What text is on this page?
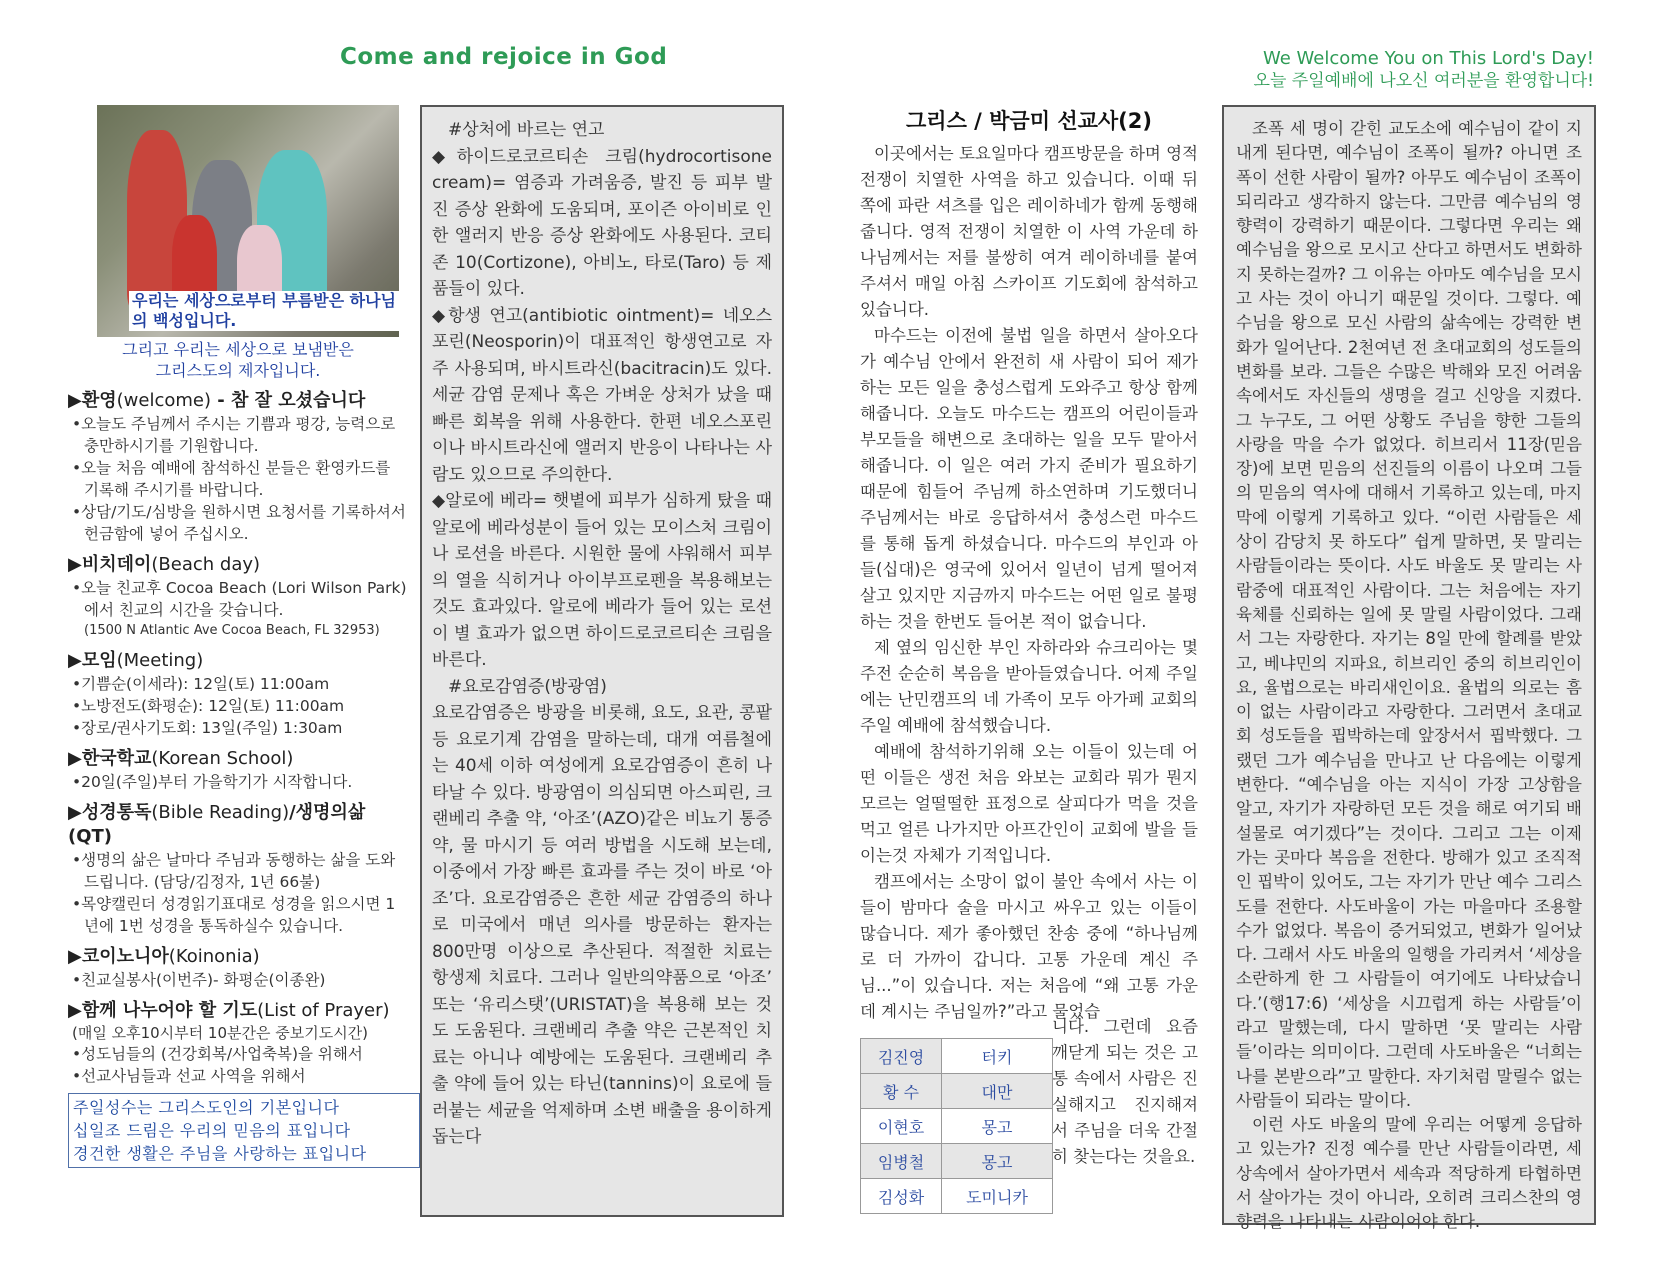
Come and rejoice in God	We Welcome You on This Lord's Day!
오늘 주일예배에 나오신 여러분을 환영합니다!
우리는 세상으로부터 부름받은 하나님의 백성입니다.
그리고 우리는 세상으로 보냄받은
그리스도의 제자입니다.
▶환영(welcome) - 참 잘 오셨습니다
•오늘도 주님께서 주시는 기쁨과 평강, 능력으로 충만하시기를 기원합니다.
•오늘 처음 예배에 참석하신 분들은 환영카드를 기록해 주시기를 바랍니다.
•상담/기도/심방을 원하시면 요청서를 기록하셔서 헌금함에 넣어 주십시오.
▶비치데이(Beach day)
•오늘 친교후 Cocoa Beach (Lori Wilson Park)에서 친교의 시간을 갖습니다.
(1500 N Atlantic Ave Cocoa Beach, FL 32953)
▶모임(Meeting)
•기쁨순(이세라): 12일(토) 11:00am
•노방전도(화평순): 12일(토) 11:00am
•장로/권사기도회: 13일(주일) 1:30am
▶한국학교(Korean School)
•20일(주일)부터 가을학기가 시작합니다.
▶성경통독(Bible Reading)/생명의삶(QT)
•생명의 삶은 날마다 주님과 동행하는 삶을 도와드립니다. (담당/김정자, 1년 66불)
•목양캘린더 성경읽기표대로 성경을 읽으시면 1년에 1번 성경을 통독하실수 있습니다.
▶코이노니아(Koinonia)
•친교실봉사(이번주)- 화평순(이종완)
▶함께 나누어야 할 기도(List of Prayer)
(매일 오후10시부터 10분간은 중보기도시간)
•성도님들의 (건강회복/사업축복)을 위해서
•선교사님들과 선교 사역을 위해서
주일성수는 그리스도인의 기본입니다
십일조 드림은 우리의 믿음의 표입니다
경건한 생활은 주님을 사랑하는 표입니다

#상처에 바르는 연고

◆하이드로코르티손 크림(hydrocortisone cream)= 염증과 가려움증, 발진 등 피부 발진 증상 완화에 도움되며, 포이즌 아이비로 인한 앨러지 반응 증상 완화에도 사용된다. 코티존 10(Cortizone), 아비노, 타로(Taro) 등 제품들이 있다.

◆항생 연고(antibiotic ointment)= 네오스포린(Neosporin)이 대표적인 항생연고로 자주 사용되며, 바시트라신(bacitracin)도 있다. 세균 감염 문제나 혹은 가벼운 상처가 났을 때 빠른 회복을 위해 사용한다. 한편 네오스포린이나 바시트라신에 앨러지 반응이 나타나는 사람도 있으므로 주의한다.

◆알로에 베라= 햇볕에 피부가 심하게 탔을 때 알로에 베라성분이 들어 있는 모이스처 크림이나 로션을 바른다. 시원한 물에 샤워해서 피부의 열을 식히거나 아이부프로펜을 복용해보는 것도 효과있다. 알로에 베라가 들어 있는 로션이 별 효과가 없으면 하이드로코르티손 크림을 바른다.

#요로감염증(방광염)

요로감염증은 방광을 비롯해, 요도, 요관, 콩팥 등 요로기계 감염을 말하는데, 대개 여름철에는 40세 이하 여성에게 요로감염증이 흔히 나타날 수 있다. 방광염이 의심되면 아스피린, 크랜베리 추출 약, ‘아조’(AZO)같은 비뇨기 통증약, 물 마시기 등 여러 방법을 시도해 보는데, 이중에서 가장 빠른 효과를 주는 것이 바로 ‘아조’다. 요로감염증은 흔한 세균 감염증의 하나로 미국에서 매년 의사를 방문하는 환자는 800만명 이상으로 추산된다. 적절한 치료는 항생제 치료다. 그러나 일반의약품으로 ‘아조’ 또는 ‘유리스탯’(URISTAT)을 복용해 보는 것도 도움된다. 크랜베리 추출 약은 근본적인 치료는 아니나 예방에는 도움된다. 크랜베리 추출 약에 들어 있는 타닌(tannins)이 요로에 들러붙는 세균을 억제하며 소변 배출을 용이하게 돕는다

그리스 / 박금미 선교사(2)

이곳에서는 토요일마다 캠프방문을 하며 영적 전쟁이 치열한 사역을 하고 있습니다. 이때 뒤쪽에 파란 셔츠를 입은 레이하네가 함께 동행해줍니다. 영적 전쟁이 치열한 이 사역 가운데 하나님께서는 저를 불쌍히 여겨 레이하네를 붙여주셔서 매일 아침 스카이프 기도회에 참석하고 있습니다.

마수드는 이전에 불법 일을 하면서 살아오다가 예수님 안에서 완전히 새 사람이 되어 제가 하는 모든 일을 충성스럽게 도와주고 항상 함께 해줍니다. 오늘도 마수드는 캠프의 어린이들과 부모들을 해변으로 초대하는 일을 모두 맡아서 해줍니다. 이 일은 여러 가지 준비가 필요하기 때문에 힘들어 주님께 하소연하며 기도했더니 주님께서는 바로 응답하셔서 충성스런 마수드를 통해 돕게 하셨습니다. 마수드의 부인과 아들(십대)은 영국에 있어서 일년이 넘게 떨어져 살고 있지만 지금까지 마수드는 어떤 일로 불평하는 것을 한번도 들어본 적이 없습니다.

제 옆의 임신한 부인 자하라와 슈크리아는 몇 주전 순순히 복음을 받아들였습니다. 어제 주일에는 난민캠프의 네 가족이 모두 아가페 교회의 주일 예배에 참석했습니다.

예배에 참석하기위해 오는 이들이 있는데 어떤 이들은 생전 처음 와보는 교회라 뭐가 뭔지 모르는 얼떨떨한 표정으로 살피다가 먹을 것을 먹고 얼른 나가지만 아프간인이 교회에 발을 들이는것 자체가 기적입니다.

캠프에서는 소망이 없이 불안 속에서 사는 이들이 밤마다 술을 마시고 싸우고 있는 이들이 많습니다. 제가 좋아했던 찬송 중에 “하나님께로 더 가까이 갑니다. 고통 가운데 계신 주님...”이 있습니다. 저는 처음에 “왜 고통 가운데 계시는 주님일까?”라고 물었습

니다. 그런데 요즘 깨닫게 되는 것은 고통 속에서 사람은 진실해지고 진지해져서 주님을 더욱 간절히 찾는다는 것을요.
김진영	터키
황 수	대만
이현호	몽고
임병철	몽고
김성화	도미니카

조폭 세 명이 갇힌 교도소에 예수님이 같이 지내게 된다면, 예수님이 조폭이 될까? 아니면 조폭이 선한 사람이 될까? 아무도 예수님이 조폭이 되리라고 생각하지 않는다. 그만큼 예수님의 영향력이 강력하기 때문이다. 그렇다면 우리는 왜 예수님을 왕으로 모시고 산다고 하면서도 변화하지 못하는걸까? 그 이유는 아마도 예수님을 모시고 사는 것이 아니기 때문일 것이다. 그렇다. 예수님을 왕으로 모신 사람의 삶속에는 강력한 변화가 일어난다. 2천여년 전 초대교회의 성도들의 변화를 보라. 그들은 수많은 박해와 모진 어려움 속에서도 자신들의 생명을 걸고 신앙을 지켰다. 그 누구도, 그 어떤 상황도 주님을 향한 그들의 사랑을 막을 수가 없었다. 히브리서 11장(믿음장)에 보면 믿음의 선진들의 이름이 나오며 그들의 믿음의 역사에 대해서 기록하고 있는데, 마지막에 이렇게 기록하고 있다. “이런 사람들은 세상이 감당치 못 하도다” 쉽게 말하면, 못 말리는 사람들이라는 뜻이다. 사도 바울도 못 말리는 사람중에 대표적인 사람이다. 그는 처음에는 자기 육체를 신뢰하는 일에 못 말릴 사람이었다. 그래서 그는 자랑한다. 자기는 8일 만에 할례를 받았고, 베냐민의 지파요, 히브리인 중의 히브리인이요, 율법으로는 바리새인이요. 율법의 의로는 흠이 없는 사람이라고 자랑한다. 그러면서 초대교회 성도들을 핍박하는데 앞장서서 핍박했다. 그랬던 그가 예수님을 만나고 난 다음에는 이렇게 변한다. “예수님을 아는 지식이 가장 고상함을 알고, 자기가 자랑하던 모든 것을 해로 여기되 배설물로 여기겠다”는 것이다. 그리고 그는 이제 가는 곳마다 복음을 전한다. 방해가 있고 조직적인 핍박이 있어도, 그는 자기가 만난 예수 그리스도를 전한다. 사도바울이 가는 마을마다 조용할수가 없었다. 복음이 증거되었고, 변화가 일어났다. 그래서 사도 바울의 일행을 가리켜서 ‘세상을 소란하게 한 그 사람들이 여기에도 나타났습니다.’(행17:6) ‘세상을 시끄럽게 하는 사람들’이라고 말했는데, 다시 말하면 ‘못 말리는 사람들’이라는 의미이다. 그런데 사도바울은 “너희는 나를 본받으라”고 말한다. 자기처럼 말릴수 없는 사람들이 되라는 말이다.

이런 사도 바울의 말에 우리는 어떻게 응답하고 있는가? 진정 예수를 만난 사람들이라면, 세상속에서 살아가면서 세속과 적당하게 타협하면서 살아가는 것이 아니라, 오히려 크리스찬의 영향력을 나타내는 사람이어야 한다.
